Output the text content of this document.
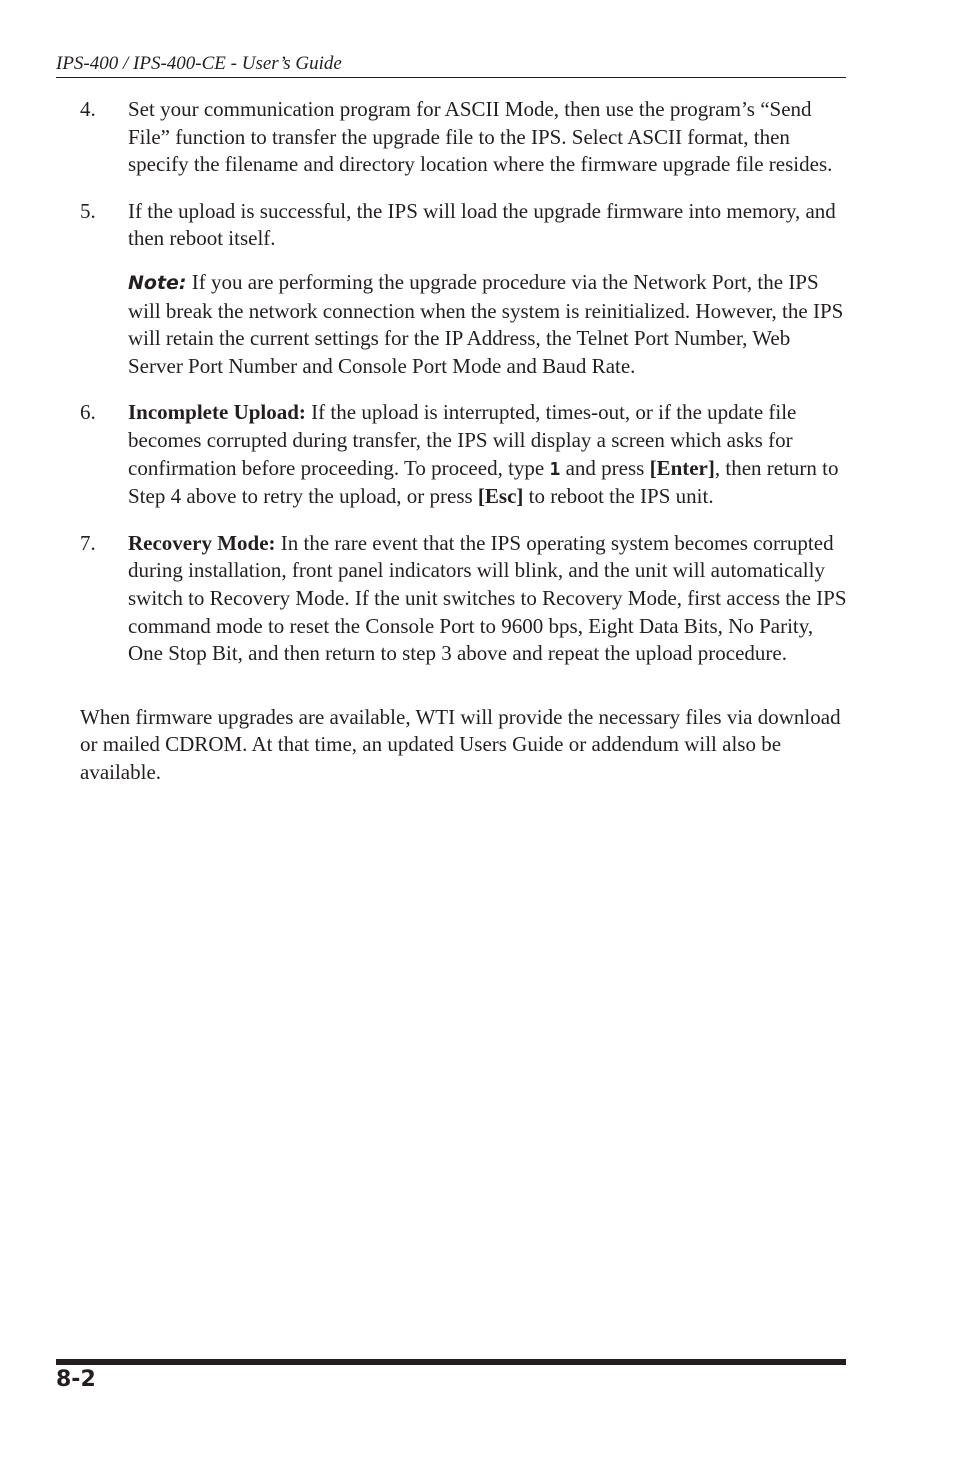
IPS-400 / IPS-400-CE - User’s Guide
4.	Set your communication program for ASCII Mode, then use the program’s “Send File” function to transfer the upgrade file to the IPS. Select ASCII format, then specify the filename and directory location where the firmware upgrade file resides.
5.	If the upload is successful, the IPS will load the upgrade firmware into memory, and then reboot itself.
Note: If you are performing the upgrade procedure via the Network Port, the IPS will break the network connection when the system is reinitialized. However, the IPS will retain the current settings for the IP Address, the Telnet Port Number, Web Server Port Number and Console Port Mode and Baud Rate.
6.	Incomplete Upload: If the upload is interrupted, times-out, or if the update file becomes corrupted during transfer, the IPS will display a screen which asks for confirmation before proceeding. To proceed, type 1 and press [Enter], then return to Step 4 above to retry the upload, or press [Esc] to reboot the IPS unit.
7.	Recovery Mode: In the rare event that the IPS operating system becomes corrupted during installation, front panel indicators will blink, and the unit will automatically switch to Recovery Mode. If the unit switches to Recovery Mode, first access the IPS command mode to reset the Console Port to 9600 bps, Eight Data Bits, No Parity, One Stop Bit, and then return to step 3 above and repeat the upload procedure.

When firmware upgrades are available, WTI will provide the necessary files via download or mailed CDROM. At that time, an updated Users Guide or addendum will also be available.

8-2
